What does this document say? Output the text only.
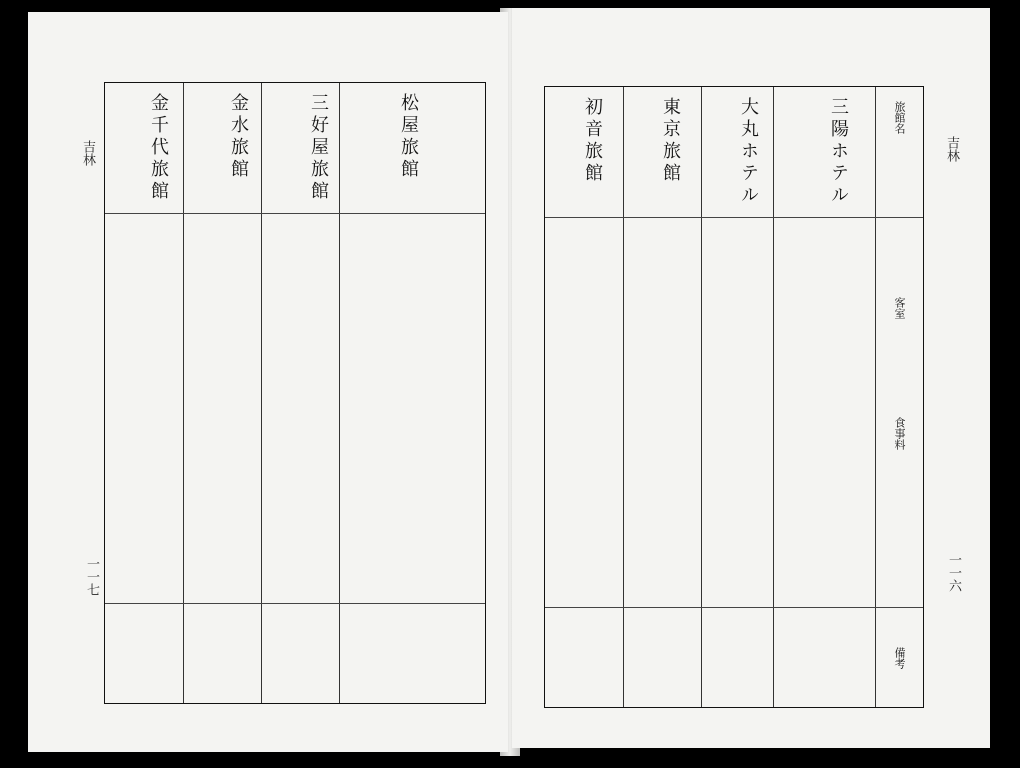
吉林
一一七
松屋旅館
三好屋旅館
金水旅館
金千代旅館	吉林
一一六
旅館名
客室
食事料
備考
三陽ホテル
大丸ホテル
東京旅館
初音旅館
